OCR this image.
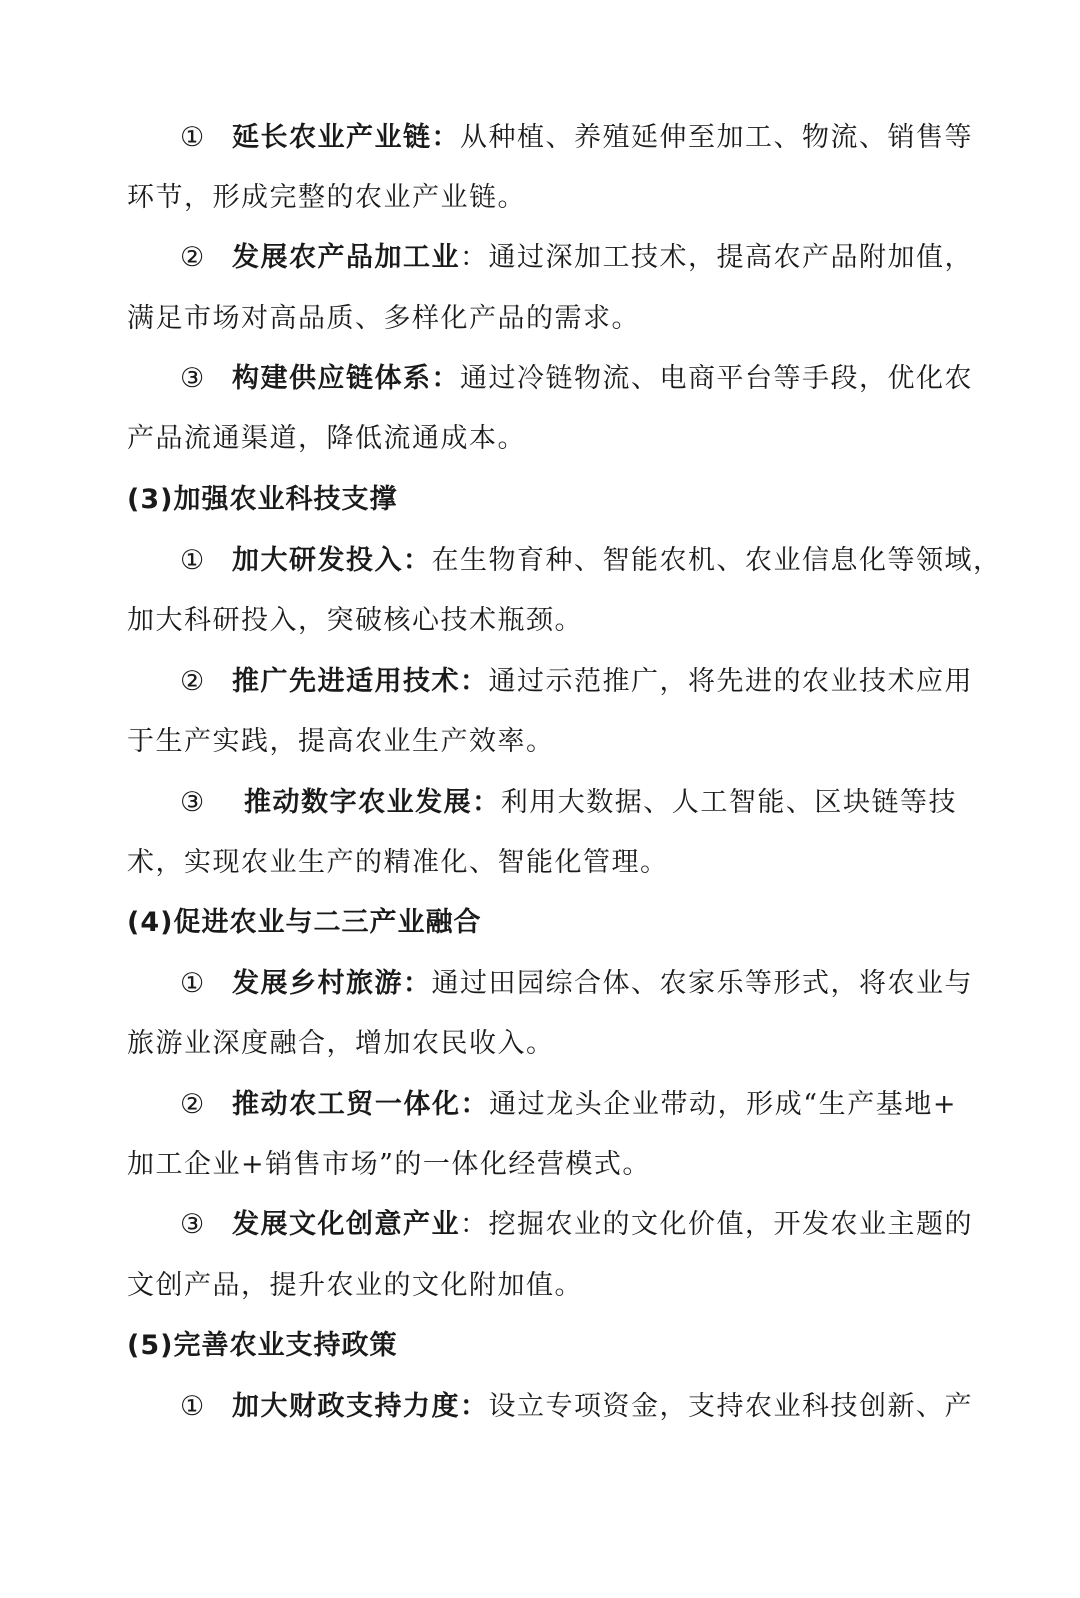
① 延长农业产业链：从种植、养殖延伸至加工、物流、销售等
环节，形成完整的农业产业链。
② 发展农产品加工业：通过深加工技术，提高农产品附加值，
满足市场对高品质、多样化产品的需求。
③ 构建供应链体系：通过冷链物流、电商平台等手段，优化农
产品流通渠道，降低流通成本。
(3)加强农业科技支撑
① 加大研发投入：在生物育种、智能农机、农业信息化等领域，
加大科研投入，突破核心技术瓶颈。
② 推广先进适用技术：通过示范推广，将先进的农业技术应用
于生产实践，提高农业生产效率。
③ 推动数字农业发展：利用大数据、人工智能、区块链等技
术，实现农业生产的精准化、智能化管理。
(4)促进农业与二三产业融合
① 发展乡村旅游：通过田园综合体、农家乐等形式，将农业与
旅游业深度融合，增加农民收入。
② 推动农工贸一体化：通过龙头企业带动，形成“生产基地+
加工企业+销售市场”的一体化经营模式。
③ 发展文化创意产业：挖掘农业的文化价值，开发农业主题的
文创产品，提升农业的文化附加值。
(5)完善农业支持政策
① 加大财政支持力度：设立专项资金，支持农业科技创新、产
